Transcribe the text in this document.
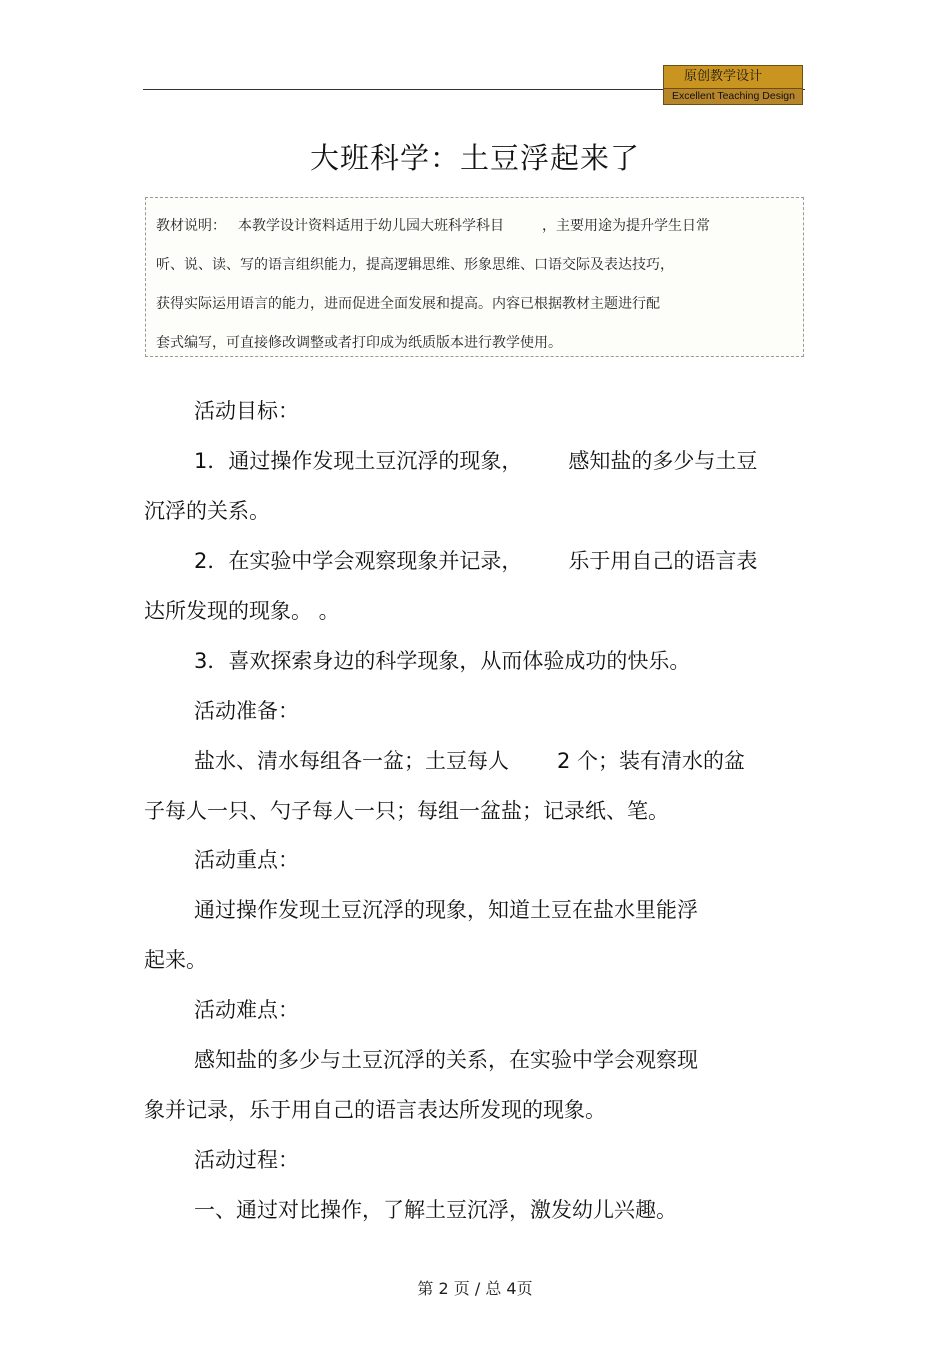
原创教学设计
Excellent Teaching Design
大班科学：土豆浮起来了
教材说明： 本教学设计资料适用于幼儿园大班科学科目	，主要用途为提升学生日常
听、说、读、写的语言组织能力，提高逻辑思维、形象思维、口语交际及表达技巧，
获得实际运用语言的能力，进而促进全面发展和提高。内容已根据教材主题进行配
套式编写，可直接修改调整或者打印成为纸质版本进行教学使用。
活动目标：
1．通过操作发现土豆沉浮的现象， 感知盐的多少与土豆
沉浮的关系。
2．在实验中学会观察现象并记录， 乐于用自己的语言表
达所发现的现象。 。
3．喜欢探索身边的科学现象，从而体验成功的快乐。
活动准备：
盐水、清水每组各一盆；土豆每人 2 个；装有清水的盆
子每人一只、勺子每人一只；每组一盆盐；记录纸、笔。
活动重点：
通过操作发现土豆沉浮的现象，知道土豆在盐水里能浮
起来。
活动难点：
感知盐的多少与土豆沉浮的关系，在实验中学会观察现
象并记录，乐于用自己的语言表达所发现的现象。
活动过程：
一、通过对比操作，了解土豆沉浮，激发幼儿兴趣。
第 2 页 / 总 4页
